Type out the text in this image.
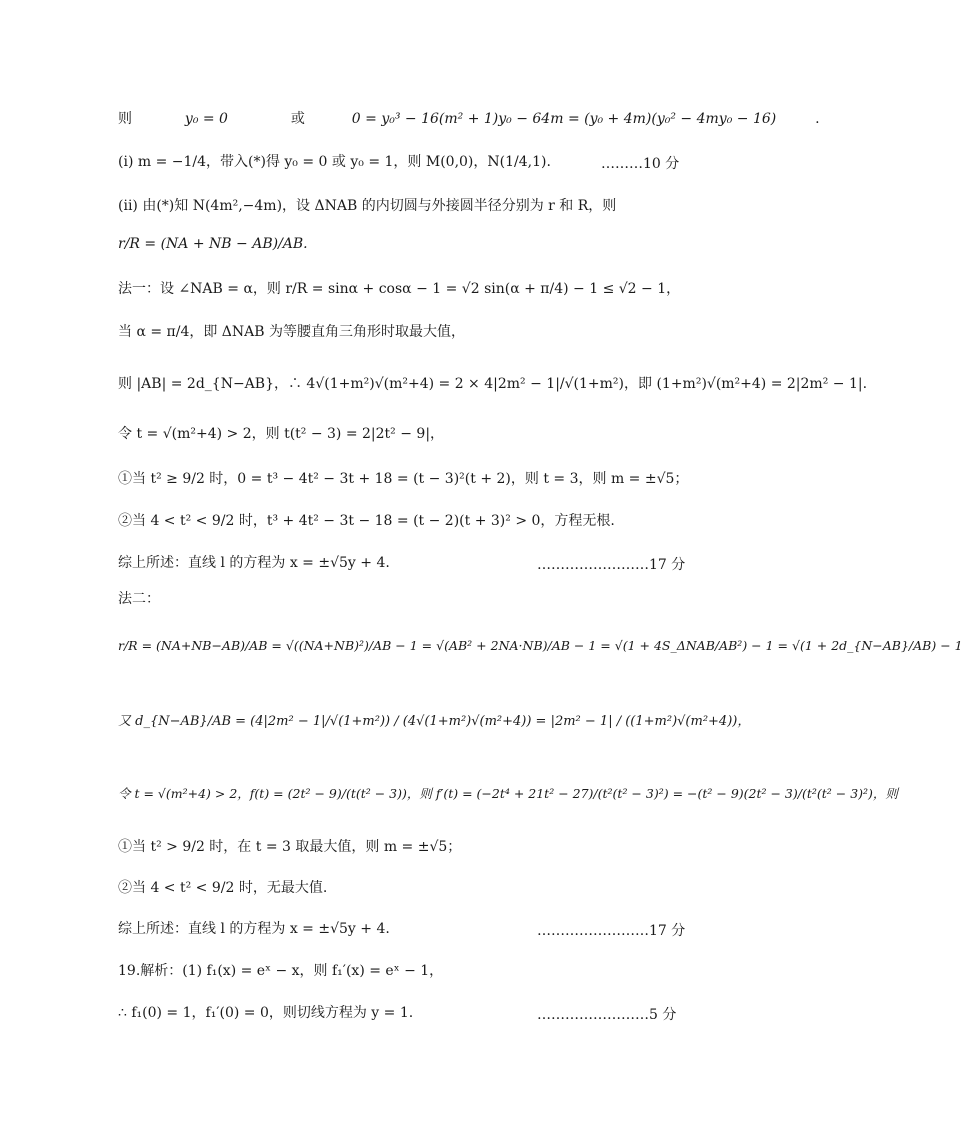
则	y₀ = 0	或	0 = y₀³ − 16(m² + 1)y₀ − 64m = (y₀ + 4m)(y₀² − 4my₀ − 16)	.
(i) m = −1/4，带入(*)得 y₀ = 0 或 y₀ = 1，则 M(0,0)，N(1/4,1).	………10 分
(ii) 由(*)知 N(4m²,−4m)，设 ΔNAB 的内切圆与外接圆半径分别为 r 和 R，则
r/R = (NA + NB − AB)/AB.
法一：设 ∠NAB = α，则 r/R = sinα + cosα − 1 = √2 sin(α + π/4) − 1 ≤ √2 − 1，
当 α = π/4，即 ΔNAB 为等腰直角三角形时取最大值，
则 |AB| = 2d_{N−AB}，∴ 4√(1+m²)√(m²+4) = 2 × 4|2m² − 1|/√(1+m²)，即 (1+m²)√(m²+4) = 2|2m² − 1|.
令 t = √(m²+4) > 2，则 t(t² − 3) = 2|2t² − 9|，
①当 t² ≥ 9/2 时，0 = t³ − 4t² − 3t + 18 = (t − 3)²(t + 2)，则 t = 3，则 m = ±√5；
②当 4 < t² < 9/2 时，t³ + 4t² − 3t − 18 = (t − 2)(t + 3)² > 0，方程无根.
综上所述：直线 l 的方程为 x = ±√5y + 4.	……………………17 分
法二：
r/R = (NA+NB−AB)/AB = √((NA+NB)²)/AB − 1 = √(AB² + 2NA·NB)/AB − 1 = √(1 + 4S_ΔNAB/AB²) − 1 = √(1 + 2d_{N−AB}/AB) − 1
又 d_{N−AB}/AB = (4|2m² − 1|/√(1+m²)) / (4√(1+m²)√(m²+4)) = |2m² − 1| / ((1+m²)√(m²+4))，
令 t = √(m²+4) > 2，f(t) = (2t² − 9)/(t(t² − 3))，则 f′(t) = (−2t⁴ + 21t² − 27)/(t²(t² − 3)²) = −(t² − 9)(2t² − 3)/(t²(t² − 3)²)，则
①当 t² > 9/2 时，在 t = 3 取最大值，则 m = ±√5；
②当 4 < t² < 9/2 时，无最大值.
综上所述：直线 l 的方程为 x = ±√5y + 4.	……………………17 分
19.解析：(1) f₁(x) = eˣ − x，则 f₁′(x) = eˣ − 1，
∴ f₁(0) = 1，f₁′(0) = 0，则切线方程为 y = 1.	……………………5 分
